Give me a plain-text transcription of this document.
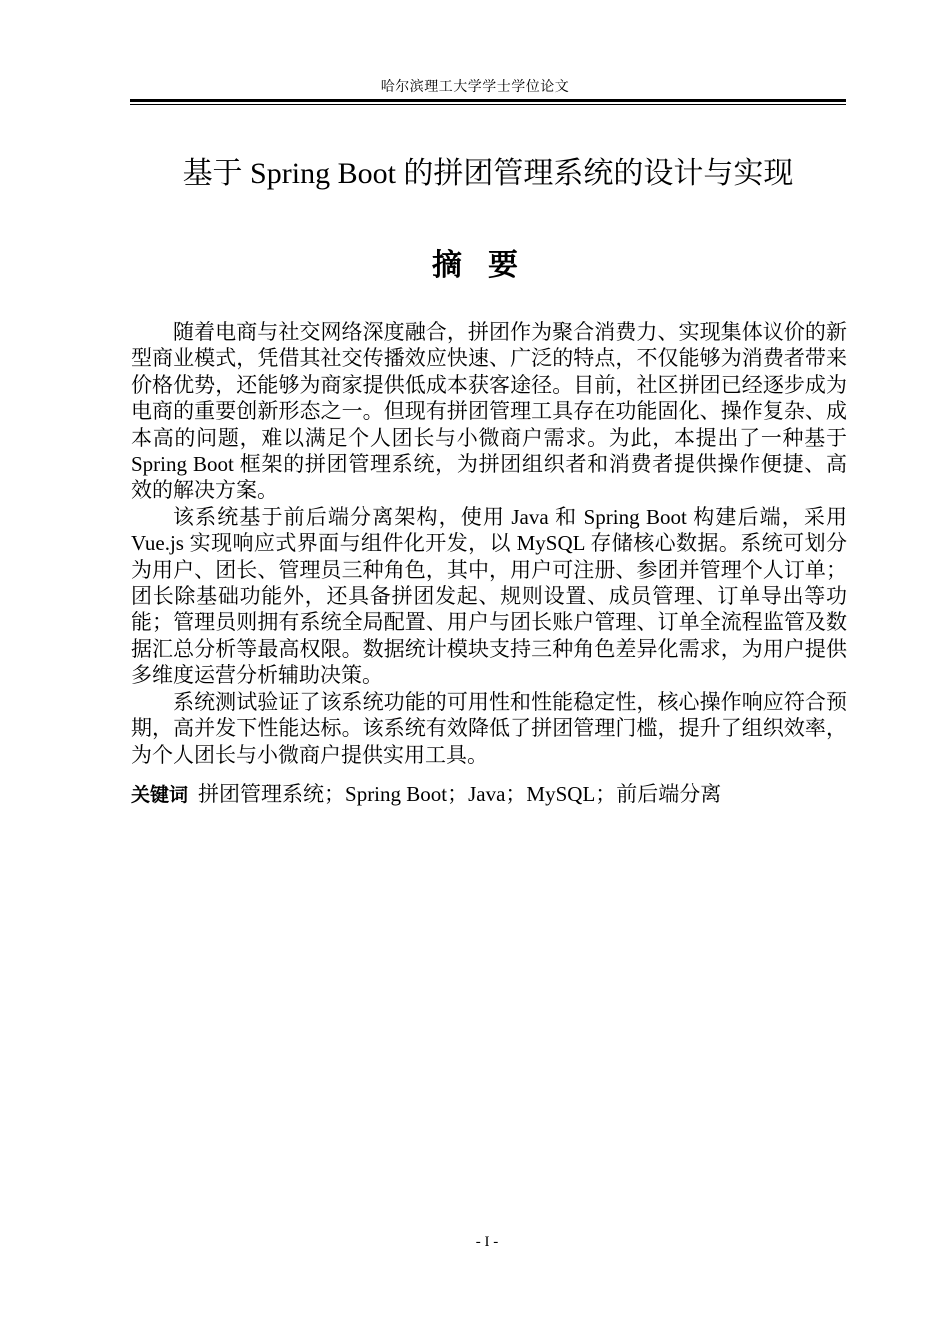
哈尔滨理工大学学士学位论文
基于 Spring Boot 的拼团管理系统的设计与实现
摘要

随着电商与社交网络深度融合，拼团作为聚合消费力、实现集体议价的新型商业模式，凭借其社交传播效应快速、广泛的特点，不仅能够为消费者带来价格优势，还能够为商家提供低成本获客途径。目前，社区拼团已经逐步成为电商的重要创新形态之一。但现有拼团管理工具存在功能固化、操作复杂、成本高的问题，难以满足个人团长与小微商户需求。为此，本提出了一种基于 Spring Boot 框架的拼团管理系统，为拼团组织者和消费者提供操作便捷、高效的解决方案。

该系统基于前后端分离架构，使用 Java 和 Spring Boot 构建后端，采用 Vue.js 实现响应式界面与组件化开发，以 MySQL 存储核心数据。系统可划分为用户、团长、管理员三种角色，其中，用户可注册、参团并管理个人订单；团长除基础功能外，还具备拼团发起、规则设置、成员管理、订单导出等功能；管理员则拥有系统全局配置、用户与团长账户管理、订单全流程监管及数据汇总分析等最高权限。数据统计模块支持三种角色差异化需求，为用户提供多维度运营分析辅助决策。

系统测试验证了该系统功能的可用性和性能稳定性，核心操作响应符合预期，高并发下性能达标。该系统有效降低了拼团管理门槛，提升了组织效率，为个人团长与小微商户提供实用工具。

关键词 拼团管理系统；Spring Boot；Java；MySQL；前后端分离
- I -
